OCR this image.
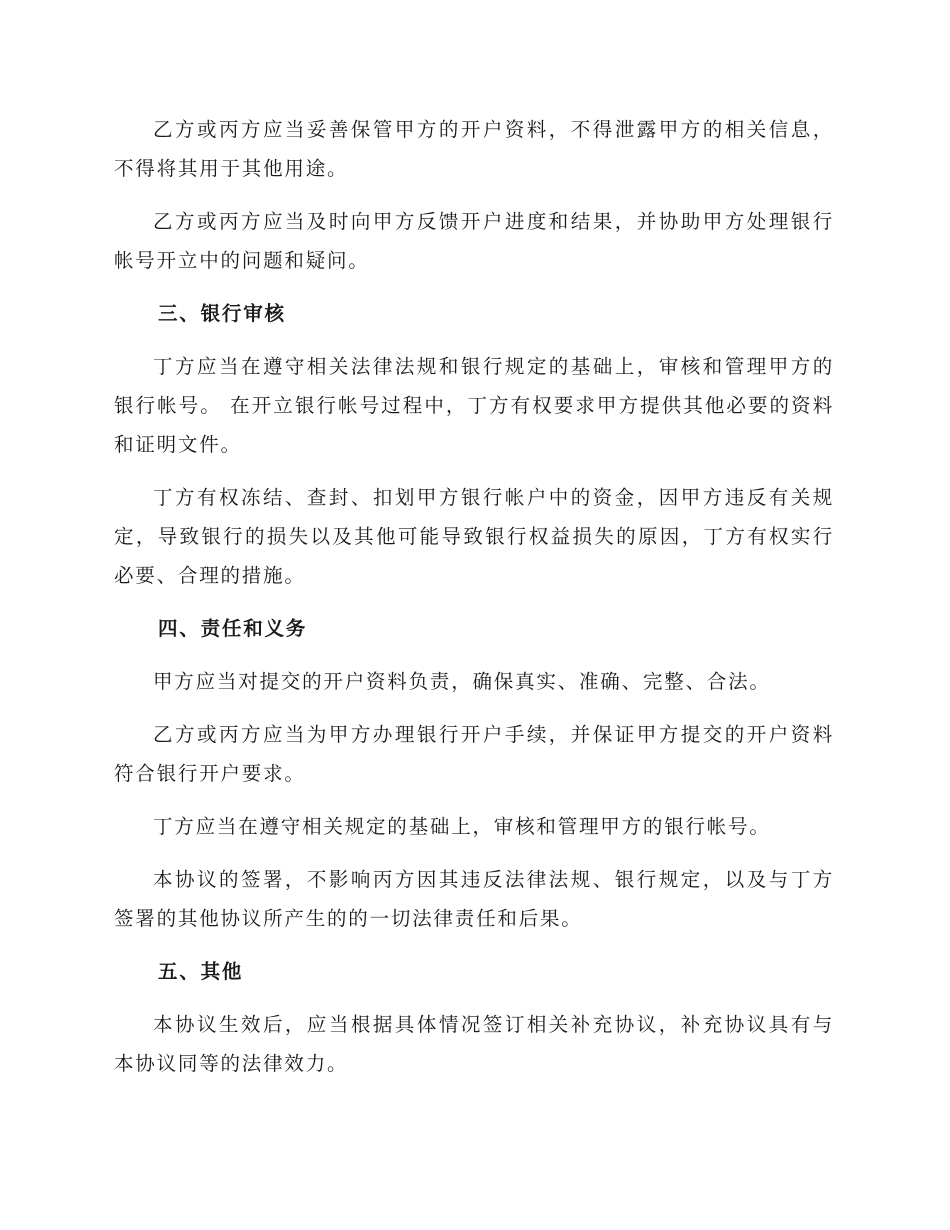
乙方或丙方应当妥善保管甲方的开户资料，不得泄露甲方的相关信息，不得将其用于其他用途。

乙方或丙方应当及时向甲方反馈开户进度和结果，并协助甲方处理银行帐号开立中的问题和疑问。

三、银行审核

丁方应当在遵守相关法律法规和银行规定的基础上，审核和管理甲方的银行帐号。 在开立银行帐号过程中，丁方有权要求甲方提供其他必要的资料和证明文件。

丁方有权冻结、查封、扣划甲方银行帐户中的资金，因甲方违反有关规定，导致银行的损失以及其他可能导致银行权益损失的原因，丁方有权实行必要、合理的措施。

四、责任和义务

甲方应当对提交的开户资料负责，确保真实、准确、完整、合法。

乙方或丙方应当为甲方办理银行开户手续，并保证甲方提交的开户资料符合银行开户要求。

丁方应当在遵守相关规定的基础上，审核和管理甲方的银行帐号。

本协议的签署，不影响丙方因其违反法律法规、银行规定，以及与丁方签署的其他协议所产生的的一切法律责任和后果。

五、其他

本协议生效后，应当根据具体情况签订相关补充协议，补充协议具有与本协议同等的法律效力。
